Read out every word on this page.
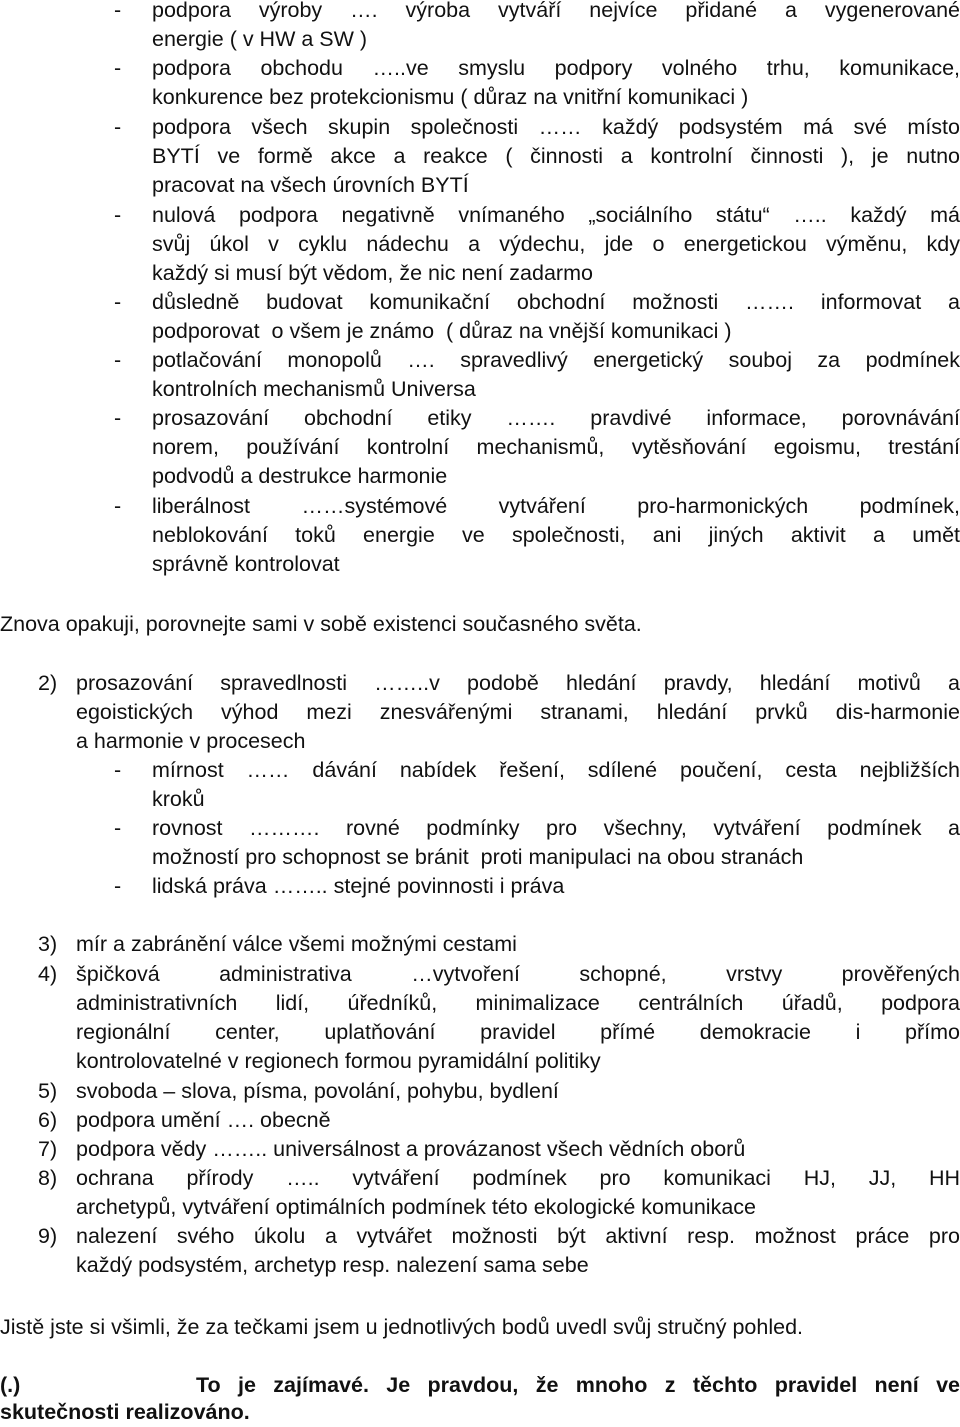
- podpora výroby …. výroba vytváří nejvíce přidané a vygenerované
energie ( v HW a SW )
- podpora obchodu …..ve smyslu podpory volného trhu, komunikace,
konkurence bez protekcionismu ( důraz na vnitřní komunikaci )
- podpora všech skupin společnosti …… každý podsystém má své místo
BYTÍ ve formě akce a reakce ( činnosti a kontrolní činnosti ), je nutno
pracovat na všech úrovních BYTÍ
- nulová podpora negativně vnímaného „sociálního státu“ ….. každý má
svůj úkol v cyklu nádechu a výdechu, jde o energetickou výměnu, kdy
každý si musí být vědom, že nic není zadarmo
- důsledně budovat komunikační obchodní možnosti ……. informovat a
podporovat  o všem je známo  ( důraz na vnější komunikaci )
- potlačování monopolů …. spravedlivý energetický souboj za podmínek
kontrolních mechanismů Universa
- prosazování obchodní etiky ……. pravdivé informace, porovnávání
norem, používání kontrolní mechanismů, vytěsňování egoismu, trestání
podvodů a destrukce harmonie
- liberálnost ……systémové vytváření pro-harmonických podmínek,
neblokování toků energie ve společnosti, ani jiných aktivit a umět
správně kontrolovat
Znova opakuji, porovnejte sami v sobě existenci současného světa.
2) prosazování spravedlnosti ……..v podobě hledání pravdy, hledání motivů a
egoistických výhod mezi znesvářenými stranami, hledání prvků dis-harmonie
a harmonie v procesech
- mírnost …… dávání nabídek řešení, sdílené poučení, cesta nejbližších
kroků
- rovnost ………. rovné podmínky pro všechny, vytváření podmínek a
možností pro schopnost se bránit  proti manipulaci na obou stranách
- lidská práva …….. stejné povinnosti i práva
3) mír a zabránění válce všemi možnými cestami
4) špičková administrativa …vytvoření schopné, vrstvy prověřených
administrativních lidí, úředníků, minimalizace centrálních úřadů, podpora
regionální center, uplatňování pravidel přímé demokracie i přímo
kontrolovatelné v regionech formou pyramidální politiky
5) svoboda – slova, písma, povolání, pohybu, bydlení
6) podpora umění …. obecně
7) podpora vědy …….. universálnost a provázanost všech vědních oborů
8) ochrana přírody ….. vytváření podmínek pro komunikaci HJ, JJ, HH
archetypů, vytváření optimálních podmínek této ekologické komunikace
9) nalezení svého úkolu a vytvářet možnosti být aktivní resp. možnost práce pro
každý podsystém, archetyp resp. nalezení sama sebe
Jistě jste si všimli, že za tečkami jsem u jednotlivých bodů uvedl svůj stručný pohled.
(.)	To je zajímavé. Je pravdou, že mnoho z těchto pravidel není ve
skutečnosti realizováno.
